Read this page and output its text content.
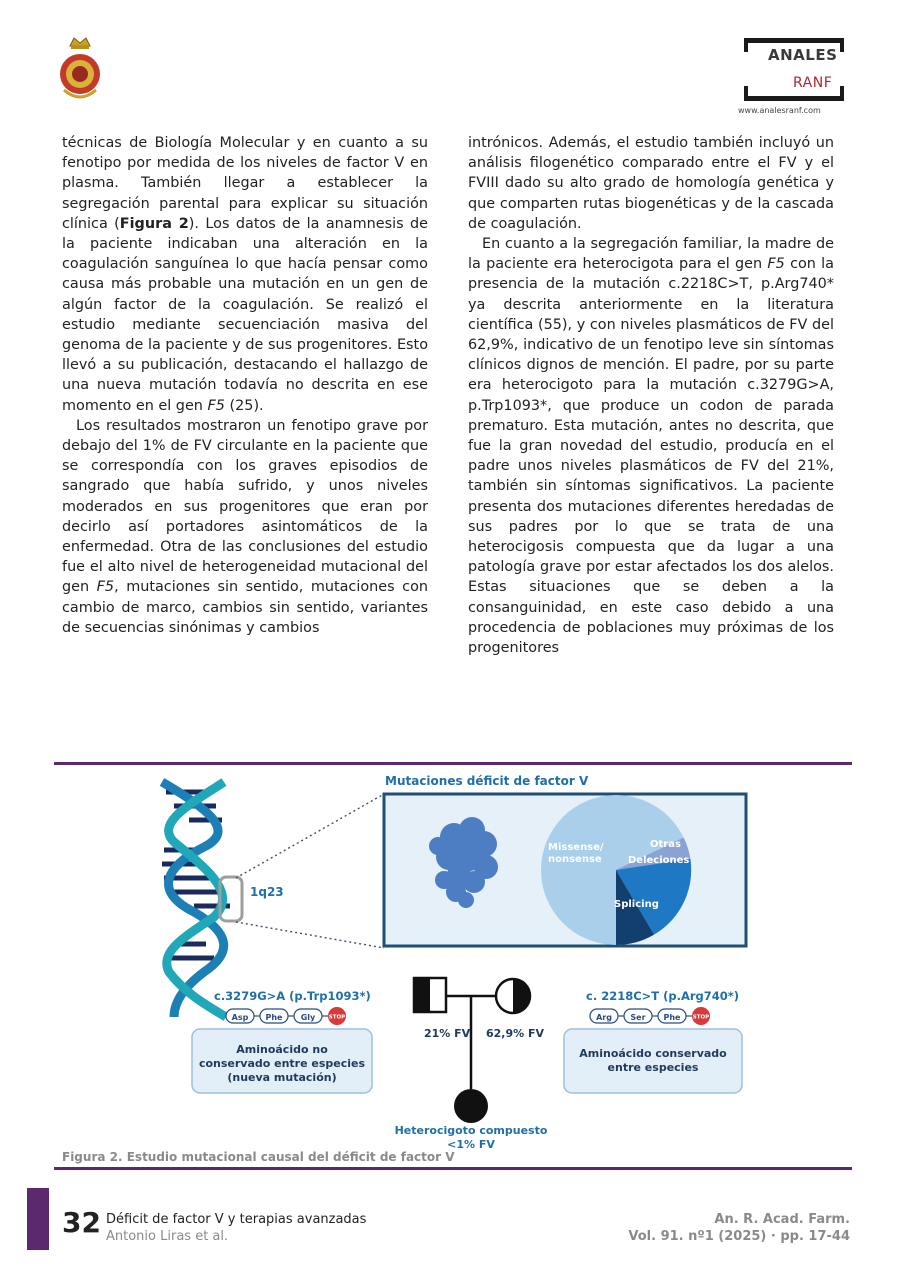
ANALES
RANF
www.analesranf.com

técnicas de Biología Molecular y en cuanto a su fenotipo por medida de los niveles de factor V en plasma. También llegar a establecer la segregación parental para explicar su situación clínica (Figura 2). Los datos de la anamnesis de la paciente indicaban una alteración en la coagulación sanguínea lo que hacía pensar como causa más probable una mutación en un gen de algún factor de la coagulación. Se realizó el estudio mediante secuenciación masiva del genoma de la paciente y de sus progenitores. Esto llevó a su publicación, destacando el hallazgo de una nueva mutación todavía no descrita en ese momento en el gen F5 (25).

Los resultados mostraron un fenotipo grave por debajo del 1% de FV circulante en la paciente que se correspondía con los graves episodios de sangrado que había sufrido, y unos niveles moderados en sus progenitores que eran por decirlo así portadores asintomáticos de la enfermedad. Otra de las conclusiones del estudio fue el alto nivel de heterogeneidad mutacional del gen F5, mutaciones sin sentido, mutaciones con cambio de marco, cambios sin sentido, variantes de secuencias sinónimas y cambios

intrónicos. Además, el estudio también incluyó un análisis filogenético comparado entre el FV y el FVIII dado su alto grado de homología genética y que comparten rutas biogenéticas y de la cascada de coagulación.

En cuanto a la segregación familiar, la madre de la paciente era heterocigota para el gen F5 con la presencia de la mutación c.2218C>T, p.Arg740* ya descrita anteriormente en la literatura científica (55), y con niveles plasmáticos de FV del 62,9%, indicativo de un fenotipo leve sin síntomas clínicos dignos de mención. El padre, por su parte era heterocigoto para la mutación c.3279G>A, p.Trp1093*, que produce un codon de parada prematuro. Esta mutación, antes no descrita, que fue la gran novedad del estudio, producía en el padre unos niveles plasmáticos de FV del 21%, también sin síntomas significativos. La paciente presenta dos mutaciones diferentes heredadas de sus padres por lo que se trata de una heterocigosis compuesta que da lugar a una patología grave por estar afectados los dos alelos. Estas situaciones que se deben a la consanguinidad, en este caso debido a una procedencia de poblaciones muy próximas de los progenitores

1q23
Mutaciones déficit de factor V
Missense/ nonsense
Otras
Deleciones
Splicing
21% FV 62,9% FV
Heterocigoto compuesto
<1% FV
c.3279G>A (p.Trp1093*)
Asp Phe Gly STOP
Aminoácido no conservado entre especies (nueva mutación)
c. 2218C>T (p.Arg740*)
Arg Ser Phe STOP
Aminoácido conservado entre especies
Figura 2. Estudio mutacional causal del déficit de factor V
32 Déficit de factor V y terapias avanzadas
Antonio Liras et al.
An. R. Acad. Farm.
Vol. 91. nº1 (2025) · pp. 17-44
